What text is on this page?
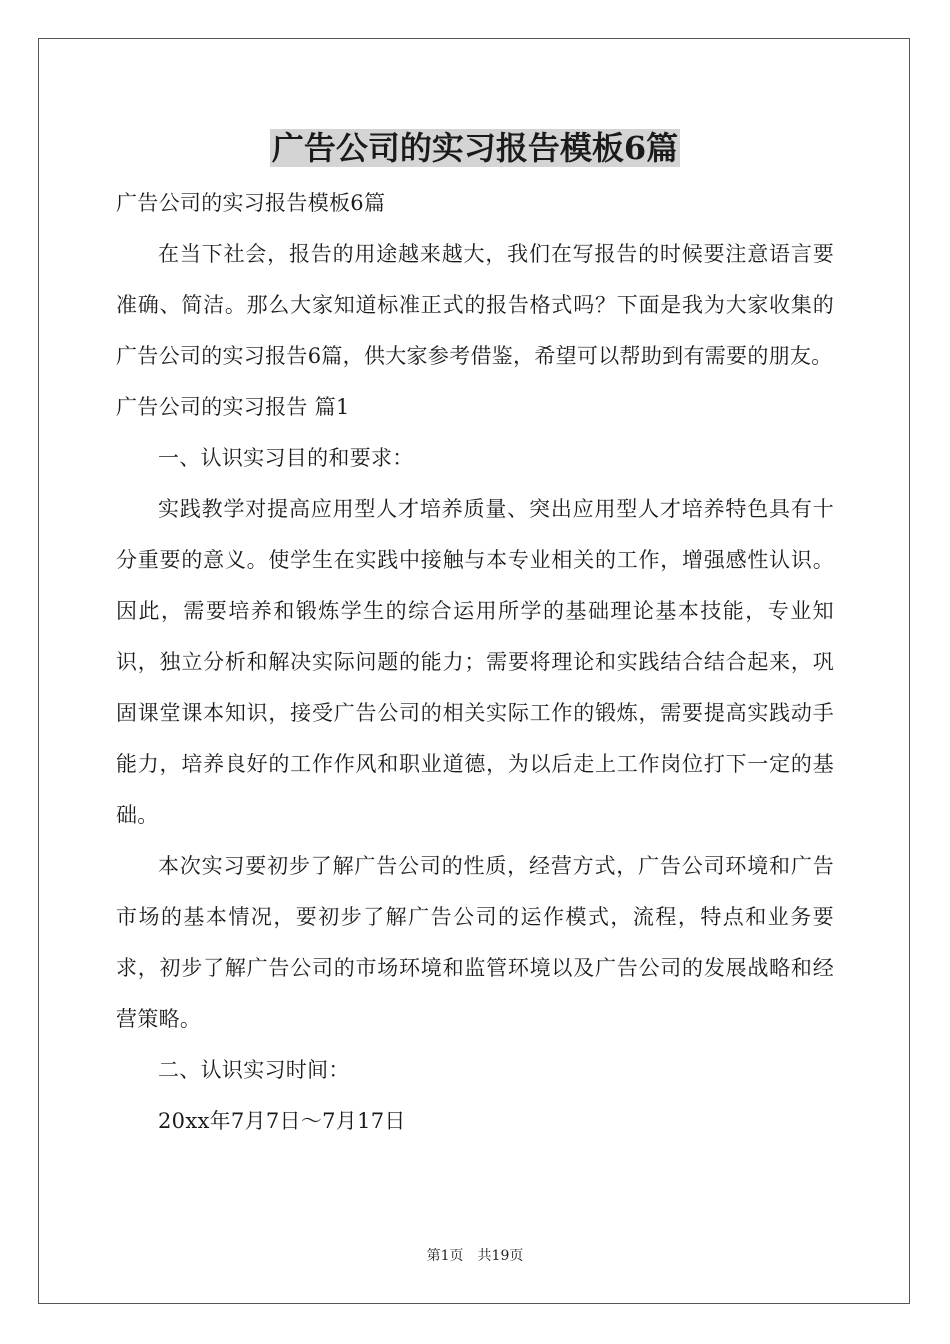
广告公司的实习报告模板6篇

广告公司的实习报告模板6篇

在当下社会，报告的用途越来越大，我们在写报告的时候要注意语言要准确、简洁。那么大家知道标准正式的报告格式吗？下面是我为大家收集的广告公司的实习报告6篇，供大家参考借鉴，希望可以帮助到有需要的朋友。

广告公司的实习报告 篇1

一、认识实习目的和要求：

实践教学对提高应用型人才培养质量、突出应用型人才培养特色具有十分重要的意义。使学生在实践中接触与本专业相关的工作，增强感性认识。因此，需要培养和锻炼学生的综合运用所学的基础理论基本技能，专业知识，独立分析和解决实际问题的能力；需要将理论和实践结合结合起来，巩固课堂课本知识，接受广告公司的相关实际工作的锻炼，需要提高实践动手能力，培养良好的工作作风和职业道德，为以后走上工作岗位打下一定的基础。

本次实习要初步了解广告公司的性质，经营方式，广告公司环境和广告市场的基本情况，要初步了解广告公司的运作模式，流程，特点和业务要求，初步了解广告公司的市场环境和监管环境以及广告公司的发展战略和经营策略。

二、认识实习时间：

20xx年7月7日～7月17日

第1页　共19页
